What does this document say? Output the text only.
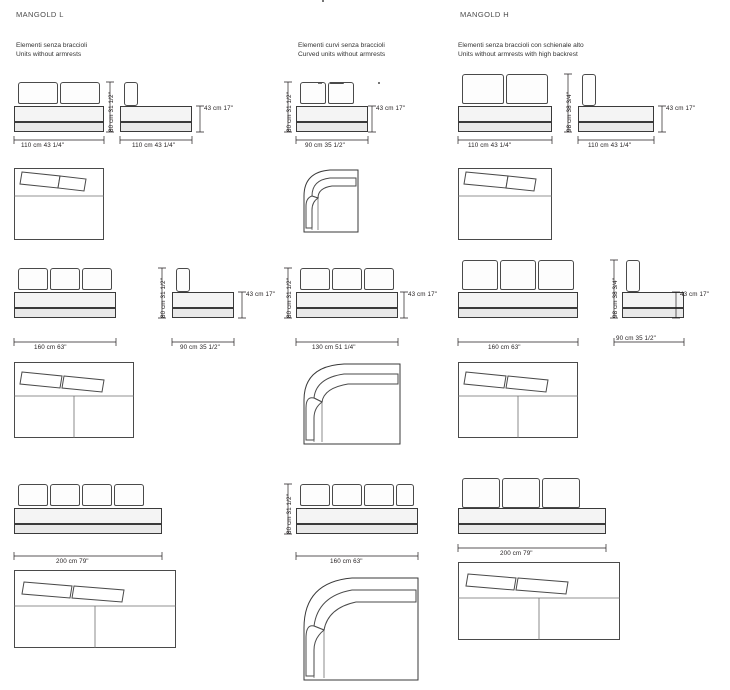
MANGOLD L
Elementi senza braccioli
Units without armrests
Elementi curvi senza braccioli
Curved units without armrests
MANGOLD H
Elementi senza braccioli con schienale alto
Units without armrests with high backrest
110 cm 43 1/4"	110 cm 43 1/4"
80 cm 31 1/2"	43 cm 17"
90 cm 35 1/2"
80 cm 31 1/2"	43 cm 17"
110 cm 43 1/4"	110 cm 43 1/4"
98 cm 38 3/4"	43 cm 17"
160 cm 63"	90 cm 35 1/2"
80 cm 31 1/2"	43 cm 17"
130 cm 51 1/4"
80 cm 31 1/2"	43 cm 17"
160 cm 63"
90 cm 35 1/2"
98 cm 38 3/4"	43 cm 17"
200 cm 79"	160 cm 63"
80 cm 31 1/2"
200 cm 79"
